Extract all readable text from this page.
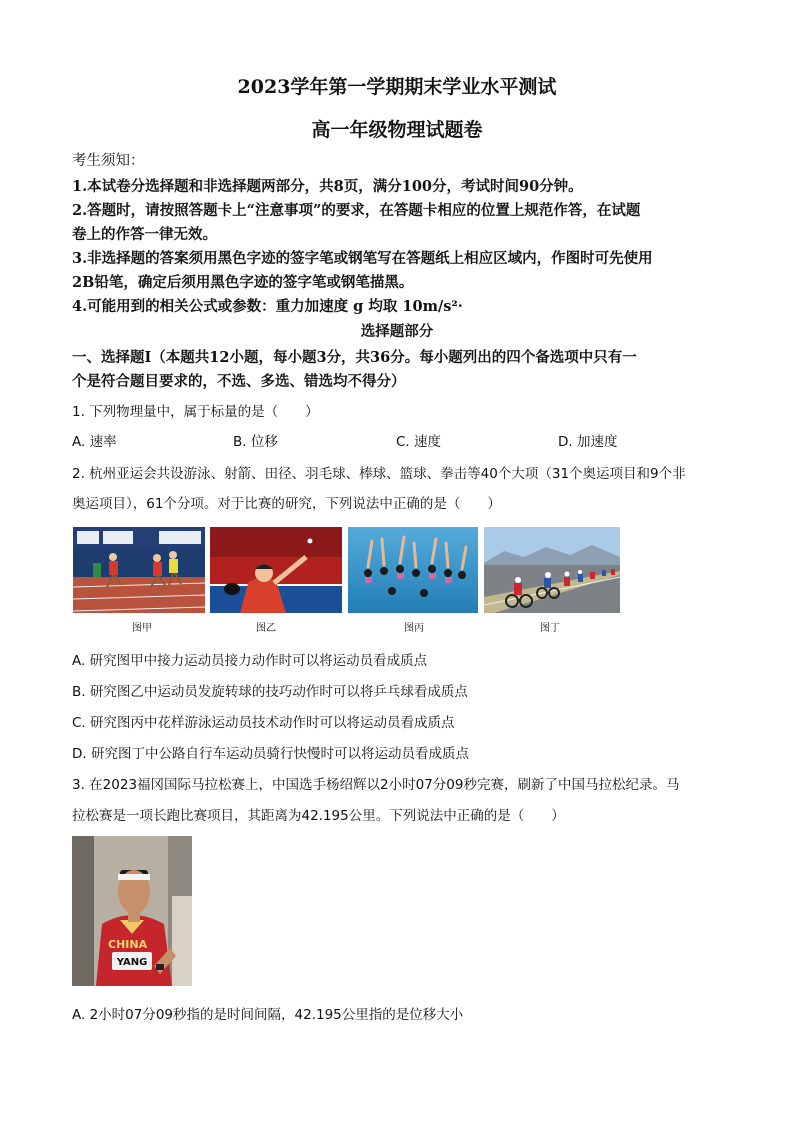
2023学年第一学期期末学业水平测试
高一年级物理试题卷
考生须知：
1.本试卷分选择题和非选择题两部分，共8页，满分100分，考试时间90分钟。
2.答题时，请按照答题卡上“注意事项”的要求，在答题卡相应的位置上规范作答，在试题
卷上的作答一律无效。
3.非选择题的答案须用黑色字迹的签字笔或钢笔写在答题纸上相应区域内，作图时可先使用
2B铅笔，确定后须用黑色字迹的签字笔或钢笔描黑。
4.可能用到的相关公式或参数：重力加速度 g 均取 10m/s²·
选择题部分
一、选择题Ⅰ（本题共12小题，每小题3分，共36分。每小题列出的四个备选项中只有一
个是符合题目要求的，不选、多选、错选均不得分）
1. 下列物理量中，属于标量的是（　　）
A. 速率	B. 位移	C. 速度	D. 加速度
2. 杭州亚运会共设游泳、射箭、田径、羽毛球、棒球、篮球、拳击等40个大项（31个奥运项目和9个非
奥运项目），61个分项。对于比赛的研究，下列说法中正确的是（　　）
图甲	图乙	图丙	图丁
A. 研究图甲中接力运动员接力动作时可以将运动员看成质点
B. 研究图乙中运动员发旋转球的技巧动作时可以将乒乓球看成质点
C. 研究图丙中花样游泳运动员技术动作时可以将运动员看成质点
D. 研究图丁中公路自行车运动员骑行快慢时可以将运动员看成质点
3. 在2023福冈国际马拉松赛上，中国选手杨绍辉以2小时07分09秒完赛，刷新了中国马拉松纪录。马
拉松赛是一项长跑比赛项目，其距离为42.195公里。下列说法中正确的是（　　）
CHINA
YANG
A. 2小时07分09秒指的是时间间隔，42.195公里指的是位移大小
